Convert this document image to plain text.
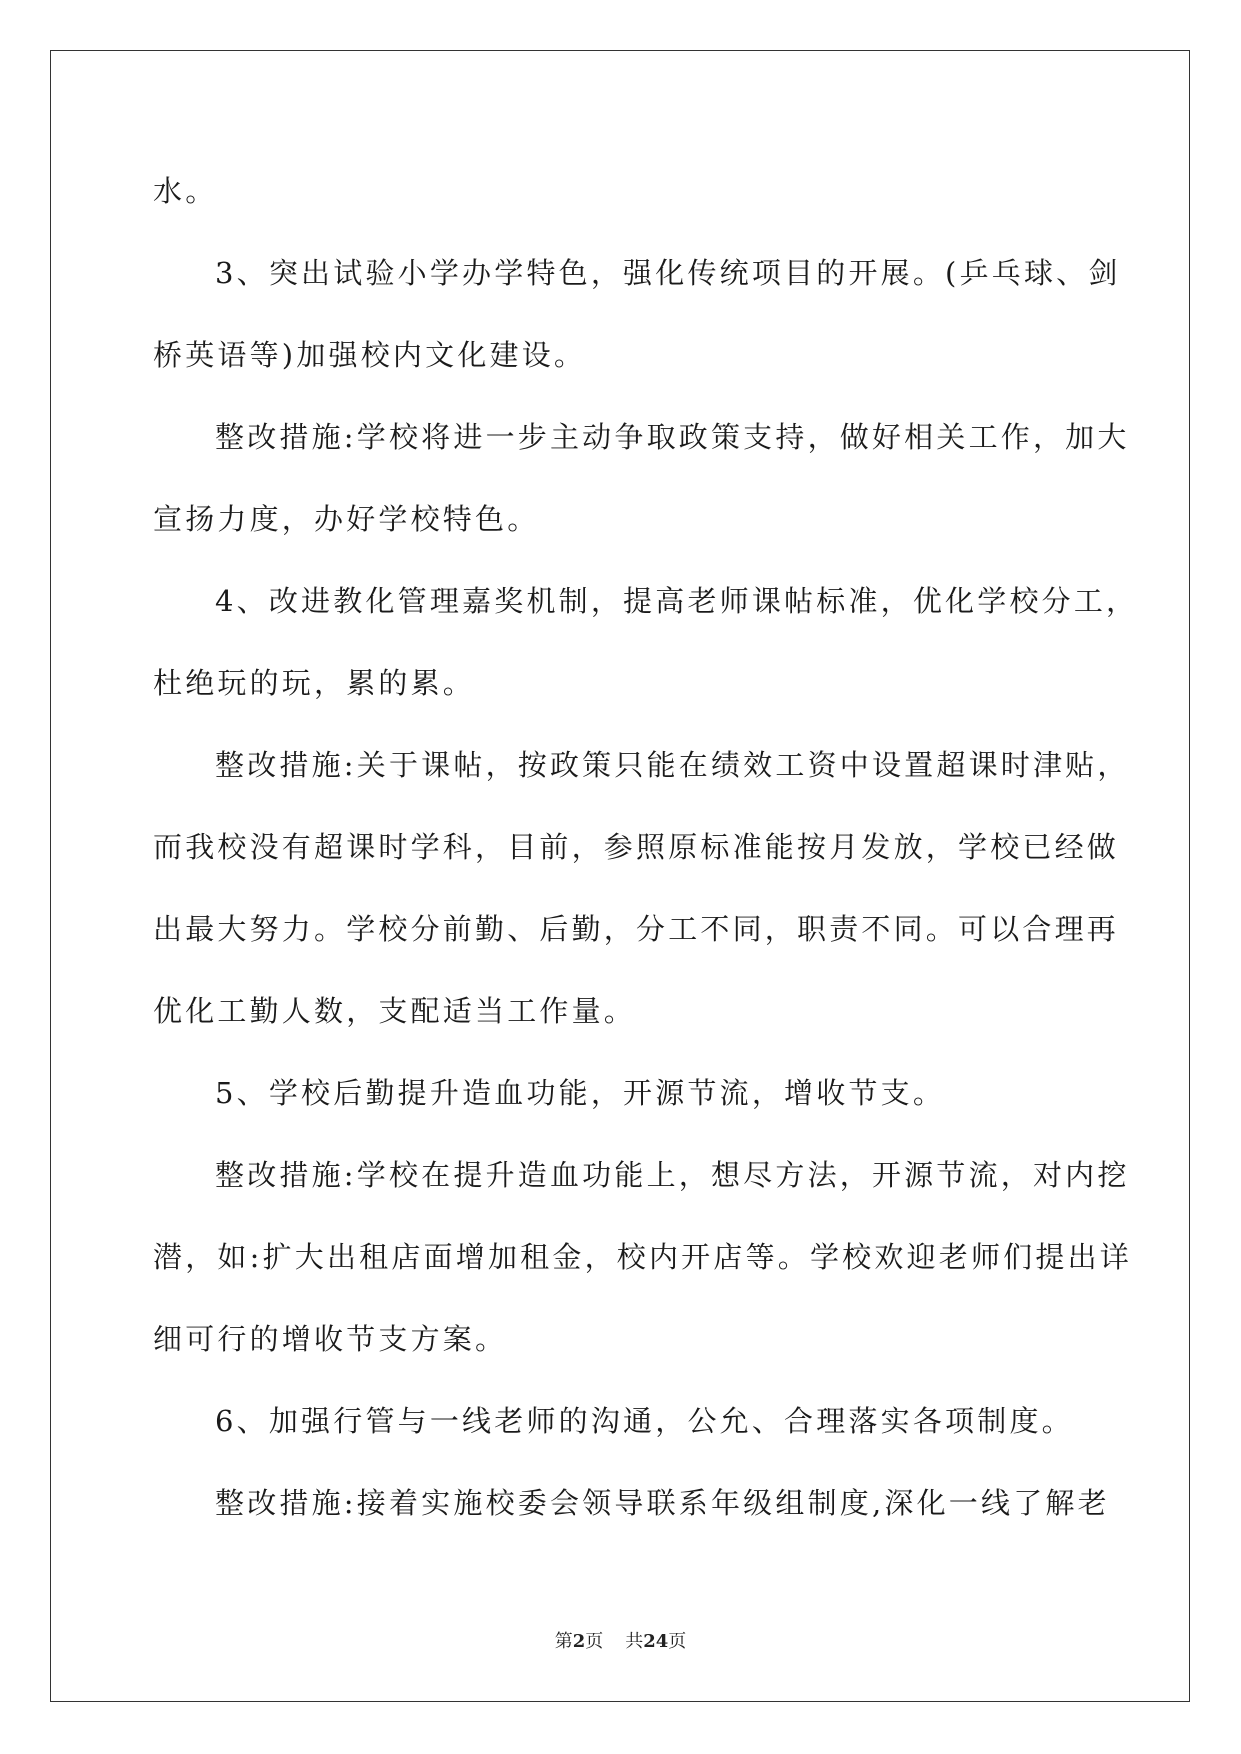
水。
3、突出试验小学办学特色，强化传统项目的开展。(乒乓球、剑
桥英语等)加强校内文化建设。
整改措施:学校将进一步主动争取政策支持，做好相关工作，加大
宣扬力度，办好学校特色。
4、改进教化管理嘉奖机制，提高老师课帖标准，优化学校分工，
杜绝玩的玩，累的累。
整改措施:关于课帖，按政策只能在绩效工资中设置超课时津贴，
而我校没有超课时学科，目前，参照原标准能按月发放，学校已经做
出最大努力。学校分前勤、后勤，分工不同，职责不同。可以合理再
优化工勤人数，支配适当工作量。
5、学校后勤提升造血功能，开源节流，增收节支。
整改措施:学校在提升造血功能上，想尽方法，开源节流，对内挖
潜，如:扩大出租店面增加租金，校内开店等。学校欢迎老师们提出详
细可行的增收节支方案。
6、加强行管与一线老师的沟通，公允、合理落实各项制度。
整改措施:接着实施校委会领导联系年级组制度,深化一线了解老
第2页 共24页
